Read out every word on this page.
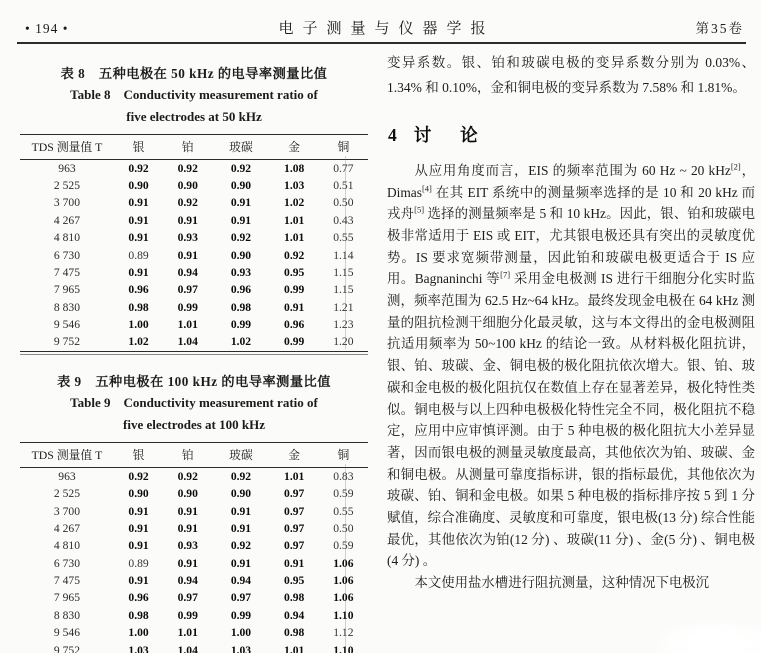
• 194 •	电子测量与仪器学报	第35卷
表 8　五种电极在 50 kHz 的电导率测量比值
Table 8　Conductivity measurement ratio of
five electrodes at 50 kHz
TDS 测量值 T	银	铂	玻碳	金	铜
963	0.92	0.92	0.92	1.08	0.77
2 525	0.90	0.90	0.90	1.03	0.51
3 700	0.91	0.92	0.91	1.02	0.50
4 267	0.91	0.91	0.91	1.01	0.43
4 810	0.91	0.93	0.92	1.01	0.55
6 730	0.89	0.91	0.90	0.92	1.14
7 475	0.91	0.94	0.93	0.95	1.15
7 965	0.96	0.97	0.96	0.99	1.15
8 830	0.98	0.99	0.98	0.91	1.21
9 546	1.00	1.01	0.99	0.96	1.23
9 752	1.02	1.04	1.02	0.99	1.20
表 9　五种电极在 100 kHz 的电导率测量比值
Table 9　Conductivity measurement ratio of
five electrodes at 100 kHz
TDS 测量值 T	银	铂	玻碳	金	铜
963	0.92	0.92	0.92	1.01	0.83
2 525	0.90	0.90	0.90	0.97	0.59
3 700	0.91	0.91	0.91	0.97	0.55
4 267	0.91	0.91	0.91	0.97	0.50
4 810	0.91	0.93	0.92	0.97	0.59
6 730	0.89	0.91	0.91	0.91	1.06
7 475	0.91	0.94	0.94	0.95	1.06
7 965	0.96	0.97	0.97	0.98	1.06
8 830	0.98	0.99	0.99	0.94	1.10
9 546	1.00	1.01	1.00	0.98	1.12
9 752	1.03	1.04	1.03	1.01	1.10

变异系数。银、铂和玻碳电极的变异系数分别为 0.03%、1.34% 和 0.10%，金和铜电极的变异系数为 7.58% 和 1.81%。

4 讨 论

从应用角度而言，EIS 的频率范围为 60 Hz ~ 20 kHz[2]，Dimas[4] 在其 EIT 系统中的测量频率选择的是 10 和 20 kHz 而戎舟[5] 选择的测量频率是 5 和 10 kHz。因此，银、铂和玻碳电极非常适用于 EIS 或 EIT，尤其银电极还具有突出的灵敏度优势。IS 要求宽频带测量，因此铂和玻碳电极更适合于 IS 应用。Bagnaninchi 等[7] 采用金电极测 IS 进行干细胞分化实时监测，频率范围为 62.5 Hz~64 kHz。最终发现金电极在 64 kHz 测量的阻抗检测干细胞分化最灵敏，这与本文得出的金电极测阻抗适用频率为 50~100 kHz 的结论一致。从材料极化阻抗讲，银、铂、玻碳、金、铜电极的极化阻抗依次增大。银、铂、玻碳和金电极的极化阻抗仅在数值上存在显著差异，极化特性类似。铜电极与以上四种电极极化特性完全不同，极化阻抗不稳定，应用中应审慎评测。由于 5 种电极的极化阻抗大小差异显著，因而银电极的测量灵敏度最高，其他依次为铂、玻碳、金和铜电极。从测量可靠度指标讲，银的指标最优，其他依次为玻碳、铂、铜和金电极。如果 5 种电极的指标排序按 5 到 1 分赋值，综合准确度、灵敏度和可靠度，银电极(13 分) 综合性能最优，其他依次为铂(12 分) 、玻碳(11 分) 、金(5 分) 、铜电极(4 分) 。

本文使用盐水槽进行阻抗测量，这种情况下电极沉
